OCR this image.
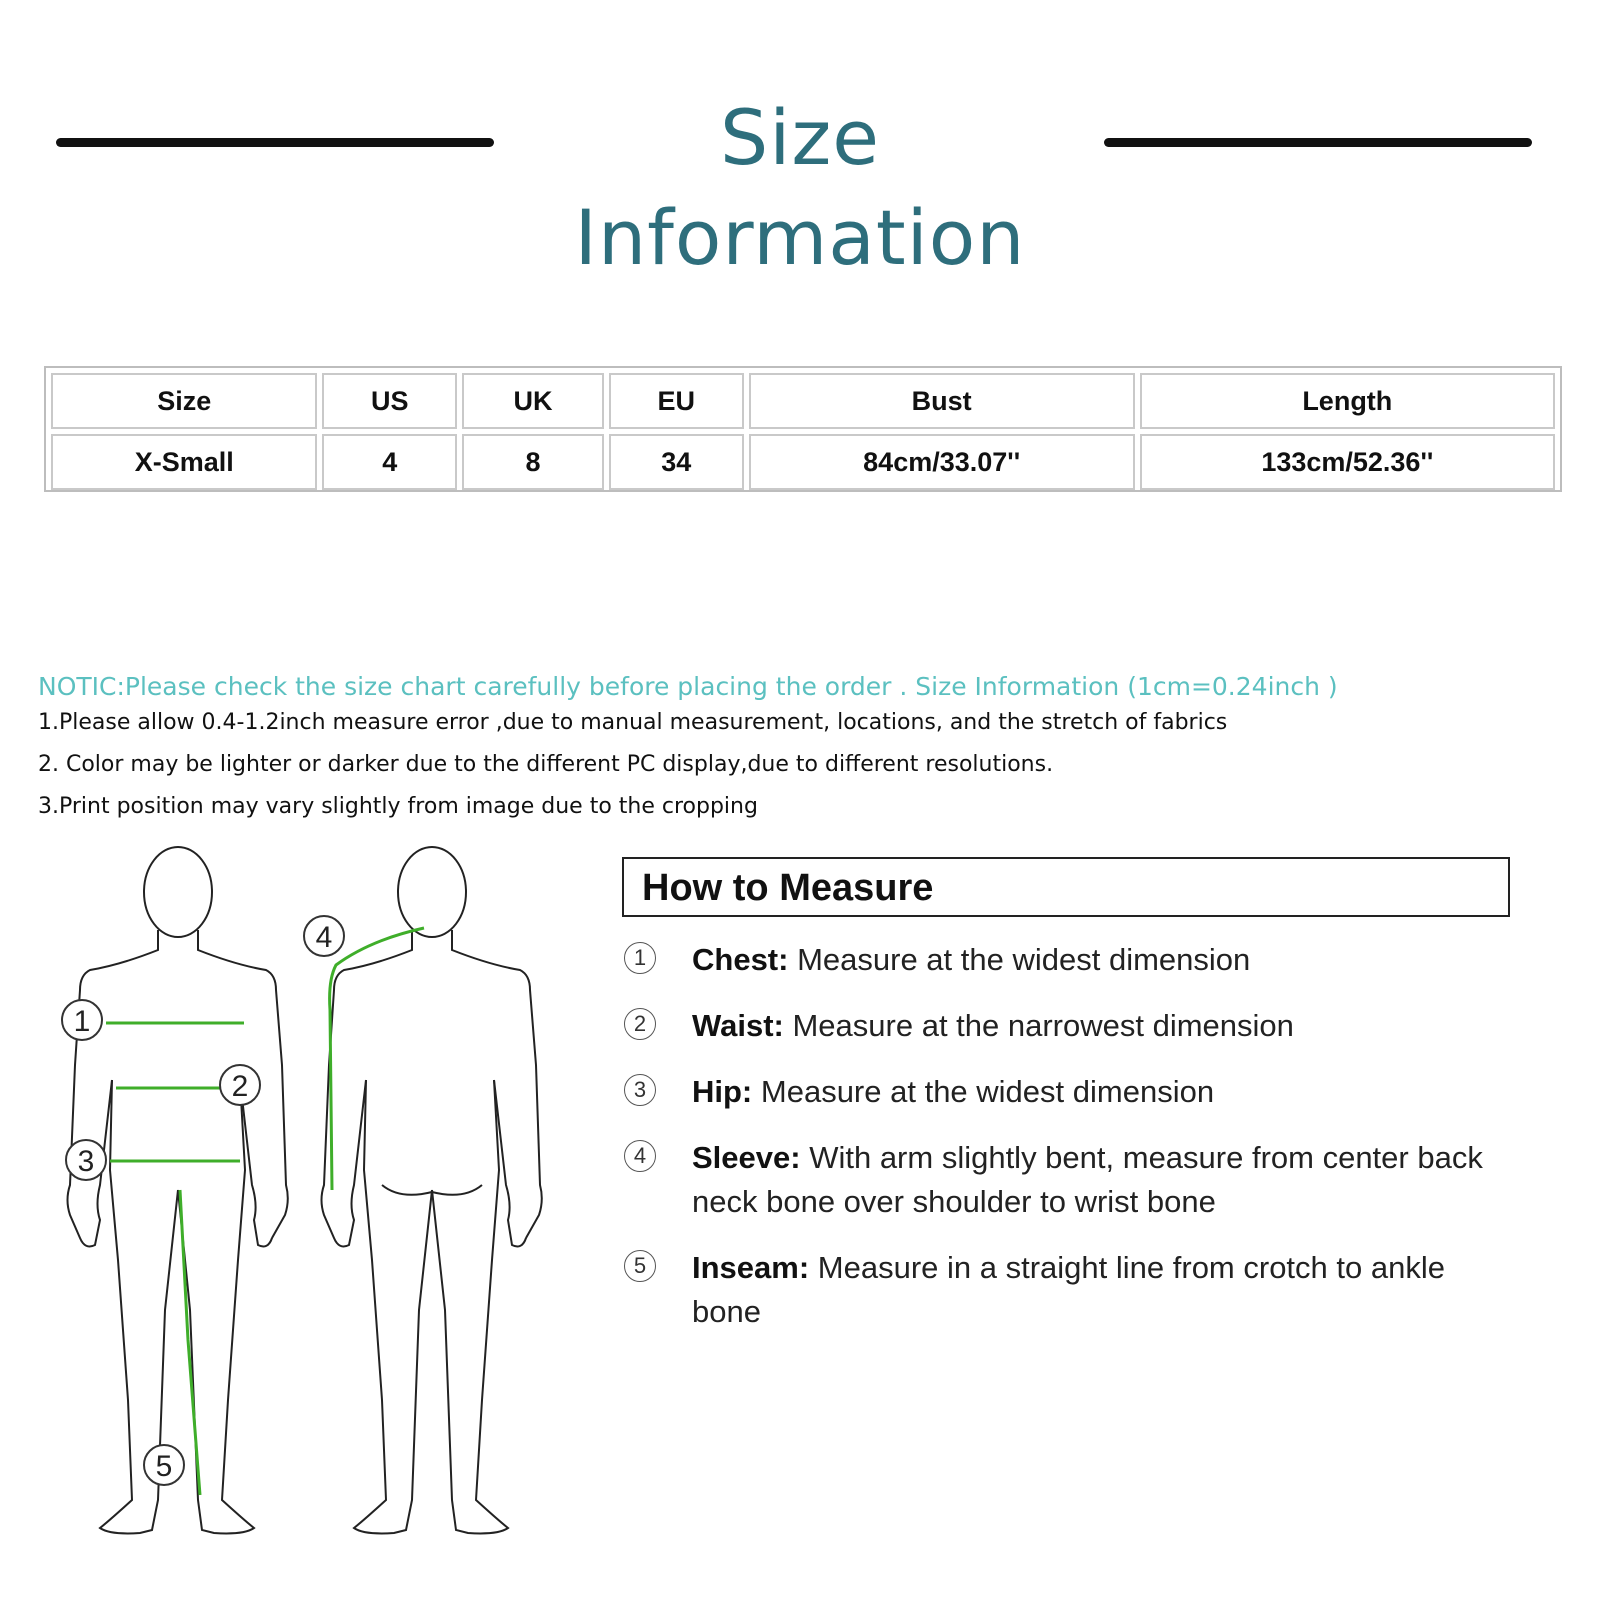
Size Information
Size	US	UK	EU	Bust	Length
X-Small	4	8	34	84cm/33.07''	133cm/52.36''
NOTIC:Please check the size chart carefully before placing the order . Size Information (1cm=0.24inch )
1.Please allow 0.4-1.2inch measure error ,due to manual measurement, locations, and the stretch of fabrics
2. Color may be lighter or darker due to the different PC display,due to different resolutions.
3.Print position may vary slightly from image due to the cropping
1
2
3
4
5
How to Measure
1	Chest: Measure at the widest dimension
2	Waist: Measure at the narrowest dimension
3	Hip: Measure at the widest dimension
4	Sleeve: With arm slightly bent, measure from center back neck bone over shoulder to wrist bone
5	Inseam: Measure in a straight line from crotch to ankle bone
